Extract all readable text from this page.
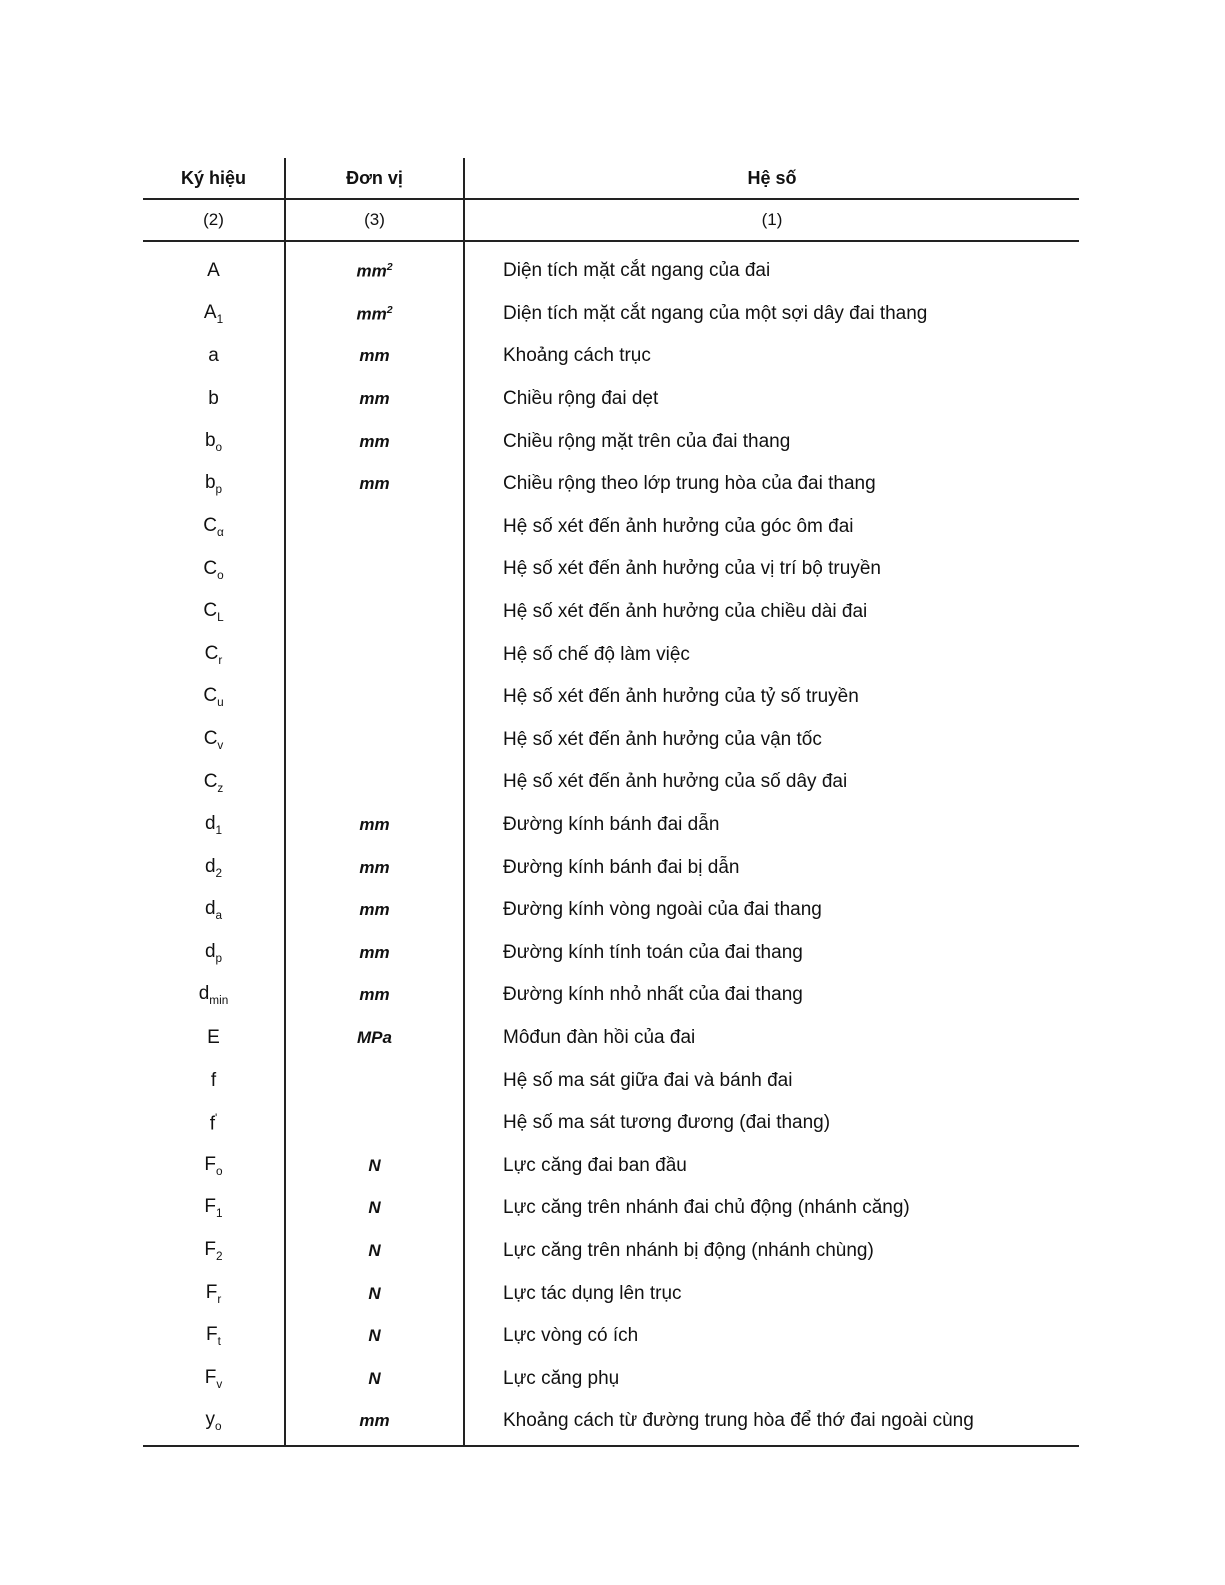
Ký hiệu	Đơn vị	Hệ số
(2)	(3)	(1)
A	$mm^2$	Diện tích mặt cắt ngang của đai
$A_1$	$mm^2$	Diện tích mặt cắt ngang của một sợi dây đai thang
a	mm	Khoảng cách trục
b	mm	Chiều rộng đai dẹt
$b_o$	mm	Chiều rộng mặt trên của đai thang
$b_p$	mm	Chiều rộng theo lớp trung hòa của đai thang
$C_\alpha$		Hệ số xét đến ảnh hưởng của góc ôm đai
$C_o$		Hệ số xét đến ảnh hưởng của vị trí bộ truyền
$C_L$		Hệ số xét đến ảnh hưởng của chiều dài đai
$C_r$		Hệ số chế độ làm việc
$C_u$		Hệ số xét đến ảnh hưởng của tỷ số truyền
$C_v$		Hệ số xét đến ảnh hưởng của vận tốc
$C_z$		Hệ số xét đến ảnh hưởng của số dây đai
$d_1$	mm	Đường kính bánh đai dẫn
$d_2$	mm	Đường kính bánh đai bị dẫn
$d_a$	mm	Đường kính vòng ngoài của đai thang
$d_p$	mm	Đường kính tính toán của đai thang
$d_{min}$	mm	Đường kính nhỏ nhất của đai thang
E	MPa	Môđun đàn hồi của đai
f		Hệ số ma sát giữa đai và bánh đai
f'		Hệ số ma sát tương đương (đai thang)
$F_o$	N	Lực căng đai ban đầu
$F_1$	N	Lực căng trên nhánh đai chủ động (nhánh căng)
$F_2$	N	Lực căng trên nhánh bị động (nhánh chùng)
$F_r$	N	Lực tác dụng lên trục
$F_t$	N	Lực vòng có ích
$F_v$	N	Lực căng phụ
$y_o$	mm	Khoảng cách từ đường trung hòa để thớ đai ngoài cùng
